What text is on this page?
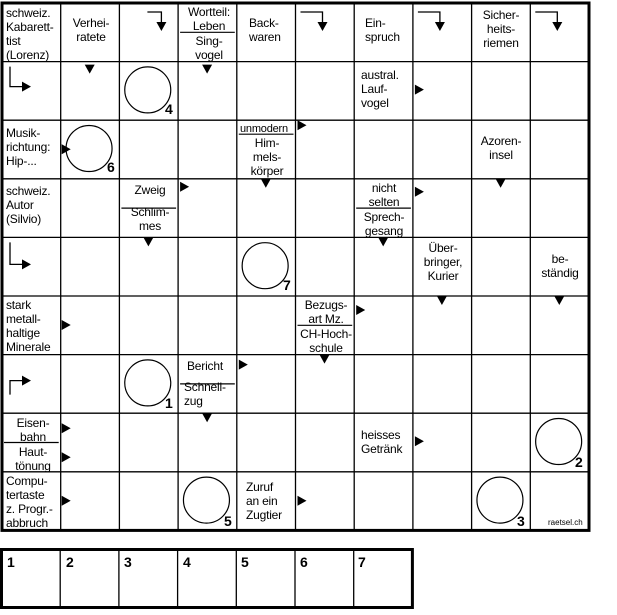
schweiz.
Kabarett-
tist
(Lorenz)
Verhei-
ratete
Wortteil:
Leben
Sing-
vogel
Back-
waren
Ein-
spruch
Sicher-
heits-
riemen
austral.
Lauf-
vogel
Musik-
richtung:
Hip-...
unmodern
Him-
mels-
körper
Azoren-
insel
schweiz.
Autor
(Silvio)
Zweig
Schlim-
mes
nicht
selten
Sprech-
gesang
Über-
bringer,
Kurier
be-
ständig
stark
metall-
haltige
Minerale
Bezugs-
art Mz.
CH-Hoch-
schule
Bericht
Schnell-
zug
Eisen-
bahn
Haut-
tönung
heisses
Getränk
Compu-
tertaste
z. Progr.-
abbruch
Zuruf
an ein
Zugtier
4
6
7
1
2
5	3	raetsel.ch
1	2	3	4	5	6	7
